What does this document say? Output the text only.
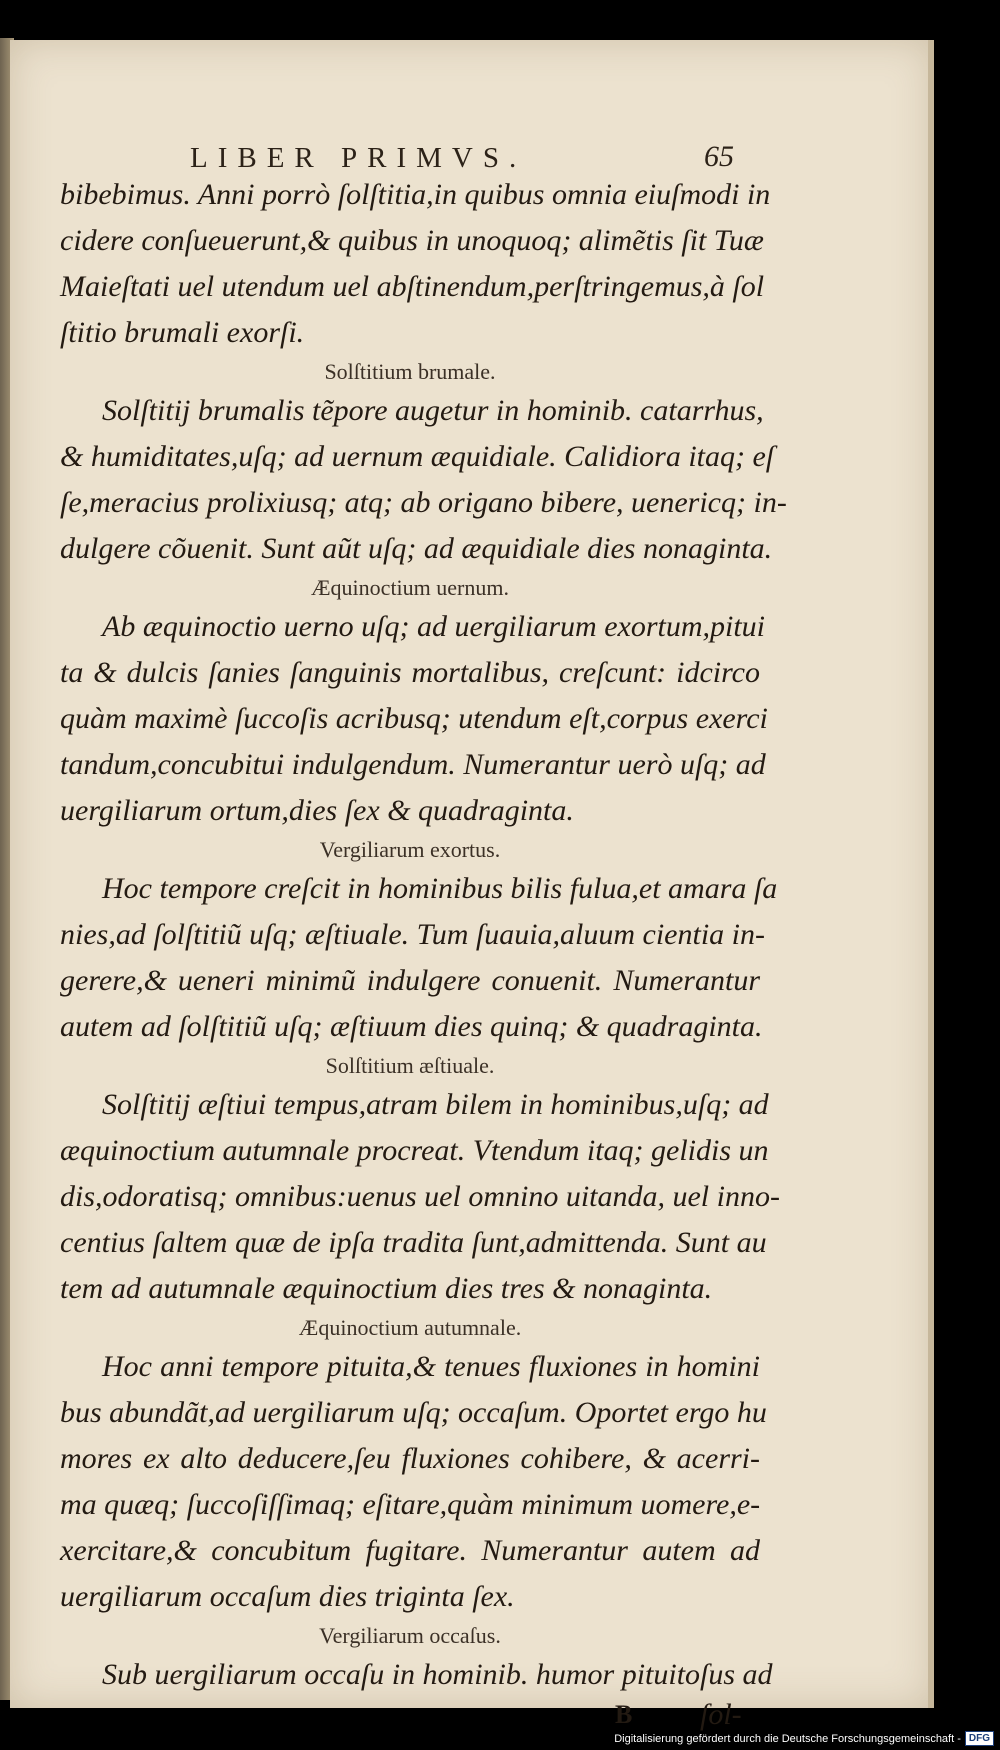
LIBER PRIMVS.	65
bibebimus. Anni porrò ſolſtitia,in quibus omnia eiuſmodi in
cidere conſueuerunt,& quibus in unoquoq; alimẽtis ſit Tuæ
Maieſtati uel utendum uel abſtinendum,perſtringemus,à ſol
ſtitio brumali exorſi.
Solſtitium brumale.
Solſtitij brumalis tẽpore augetur in hominib. catarrhus,
& humiditates,uſq; ad uernum æquidiale. Calidiora itaq; eſ
ſe,meracius prolixiusq; atq; ab origano bibere, uenericq; in-
dulgere cõuenit. Sunt aũt uſq; ad æquidiale dies nonaginta.
Æquinoctium uernum.
Ab æquinoctio uerno uſq; ad uergiliarum exortum,pitui
ta & dulcis ſanies ſanguinis mortalibus, creſcunt: idcirco
quàm maximè ſuccoſis acribusq; utendum eſt,corpus exerci
tandum,concubitui indulgendum. Numerantur uerò uſq; ad
uergiliarum ortum,dies ſex & quadraginta.
Vergiliarum exortus.
Hoc tempore creſcit in hominibus bilis fulua,et amara ſa
nies,ad ſolſtitiũ uſq; æſtiuale. Tum ſuauia,aluum cientia in-
gerere,& ueneri minimũ indulgere conuenit. Numerantur
autem ad ſolſtitiũ uſq; æſtiuum dies quinq; & quadraginta.
Solſtitium æſtiuale.
Solſtitij æſtiui tempus,atram bilem in hominibus,uſq; ad
æquinoctium autumnale procreat. Vtendum itaq; gelidis un
dis,odoratisq; omnibus:uenus uel omnino uitanda, uel inno-
centius ſaltem quæ de ipſa tradita ſunt,admittenda. Sunt au
tem ad autumnale æquinoctium dies tres & nonaginta.
Æquinoctium autumnale.
Hoc anni tempore pituita,& tenues fluxiones in homini
bus abundãt,ad uergiliarum uſq; occaſum. Oportet ergo hu
mores ex alto deducere,ſeu fluxiones cohibere, & acerri-
ma quæq; ſuccoſiſſimaq; eſitare,quàm minimum uomere,e-
xercitare,& concubitum fugitare. Numerantur autem ad
uergiliarum occaſum dies triginta ſex.
Vergiliarum occaſus.
Sub uergiliarum occaſu in hominib. humor pituitoſus ad
B ſol-
Digitalisierung gefördert durch die Deutsche Forschungsgemeinschaft - DFG
